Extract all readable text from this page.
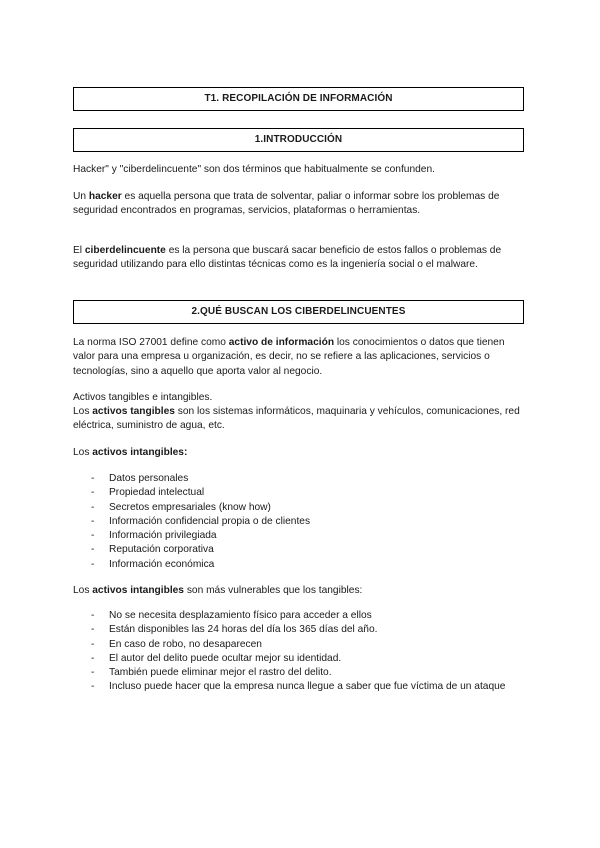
T1. RECOPILACIÓN DE INFORMACIÓN
1.INTRODUCCIÓN

Hacker" y "ciberdelincuente" son dos términos que habitualmente se confunden.

Un hacker es aquella persona que trata de solventar, paliar o informar sobre los problemas de seguridad encontrados en programas, servicios, plataformas o herramientas.

El ciberdelincuente es la persona que buscará sacar beneficio de estos fallos o problemas de seguridad utilizando para ello distintas técnicas como es la ingeniería social o el malware.

2.QUÉ BUSCAN LOS CIBERDELINCUENTES

La norma ISO 27001 define como activo de información los conocimientos o datos que tienen valor para una empresa u organización, es decir, no se refiere a las aplicaciones, servicios o tecnologías, sino a aquello que aporta valor al negocio.

Activos tangibles e intangibles.

Los activos tangibles son los sistemas informáticos, maquinaria y vehículos, comunicaciones, red eléctrica, suministro de agua, etc.

Los activos intangibles:

- Datos personales
- Propiedad intelectual
- Secretos empresariales (know how)
- Información confidencial propia o de clientes
- Información privilegiada
- Reputación corporativa
- Información económica

Los activos intangibles son más vulnerables que los tangibles:

- No se necesita desplazamiento físico para acceder a ellos
- Están disponibles las 24 horas del día los 365 días del año.
- En caso de robo, no desaparecen
- El autor del delito puede ocultar mejor su identidad.
- También puede eliminar mejor el rastro del delito.
- Incluso puede hacer que la empresa nunca llegue a saber que fue víctima de un ataque
